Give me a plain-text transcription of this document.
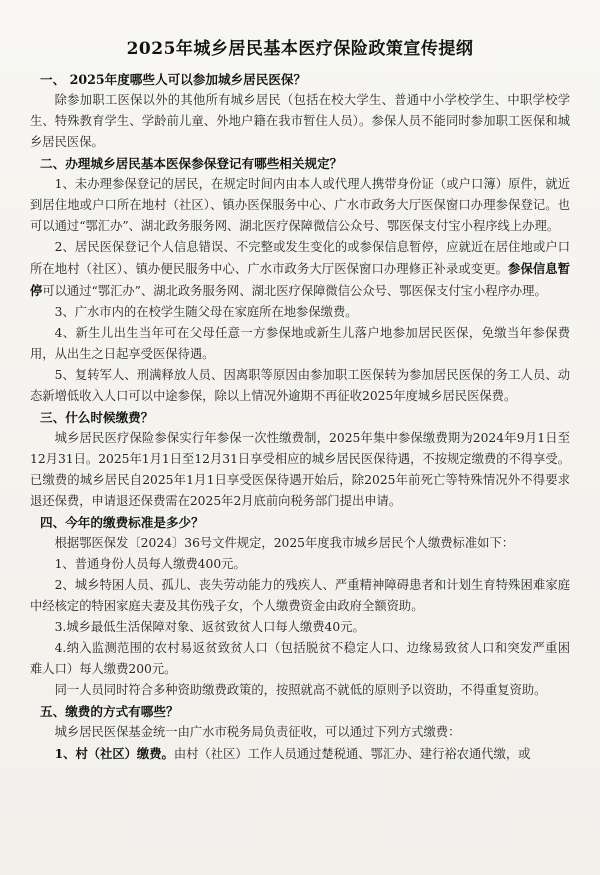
2025年城乡居民基本医疗保险政策宣传提纲
一、 2025年度哪些人可以参加城乡居民医保？

除参加职工医保以外的其他所有城乡居民（包括在校大学生、普通中小学校学生、中职学校学生、特殊教育学生、学龄前儿童、外地户籍在我市暂住人员）。参保人员不能同时参加职工医保和城乡居民医保。

二、办理城乡居民基本医保参保登记有哪些相关规定？

1、未办理参保登记的居民，在规定时间内由本人或代理人携带身份证（或户口簿）原件，就近到居住地或户口所在地村（社区）、镇办医保服务中心、广水市政务大厅医保窗口办理参保登记。也可以通过“鄂汇办”、湖北政务服务网、湖北医疗保障微信公众号、鄂医保支付宝小程序线上办理。

2、居民医保登记个人信息错误、不完整或发生变化的或参保信息暂停，应就近在居住地或户口所在地村（社区）、镇办便民服务中心、广水市政务大厅医保窗口办理修正补录或变更。参保信息暂停可以通过“鄂汇办”、湖北政务服务网、湖北医疗保障微信公众号、鄂医保支付宝小程序办理。

3、广水市内的在校学生随父母在家庭所在地参保缴费。

4、新生儿出生当年可在父母任意一方参保地或新生儿落户地参加居民医保，免缴当年参保费用，从出生之日起享受医保待遇。

5、复转军人、刑满释放人员、因离职等原因由参加职工医保转为参加居民医保的务工人员、动态新增低收入人口可以中途参保，除以上情况外逾期不再征收2025年度城乡居民医保费。

三、什么时候缴费？

城乡居民医疗保险参保实行年参保一次性缴费制，2025年集中参保缴费期为2024年9月1日至12月31日。2025年1月1日至12月31日享受相应的城乡居民医保待遇，不按规定缴费的不得享受。已缴费的城乡居民自2025年1月1日享受医保待遇开始后，除2025年前死亡等特殊情况外不得要求退还保费，申请退还保费需在2025年2月底前向税务部门提出申请。

四、今年的缴费标准是多少？

根据鄂医保发〔2024〕36号文件规定，2025年度我市城乡居民个人缴费标准如下：

1、普通身份人员每人缴费400元。

2、城乡特困人员、孤儿、丧失劳动能力的残疾人、严重精神障碍患者和计划生育特殊困难家庭中经核定的特困家庭夫妻及其伤残子女，个人缴费资金由政府全额资助。

3.城乡最低生活保障对象、返贫致贫人口每人缴费40元。

4.纳入监测范围的农村易返贫致贫人口（包括脱贫不稳定人口、边缘易致贫人口和突发严重困难人口）每人缴费200元。

同一人员同时符合多种资助缴费政策的，按照就高不就低的原则予以资助，不得重复资助。

五、缴费的方式有哪些？

城乡居民医保基金统一由广水市税务局负责征收，可以通过下列方式缴费：

1、村（社区）缴费。由村（社区）工作人员通过楚税通、鄂汇办、建行裕农通代缴，或
